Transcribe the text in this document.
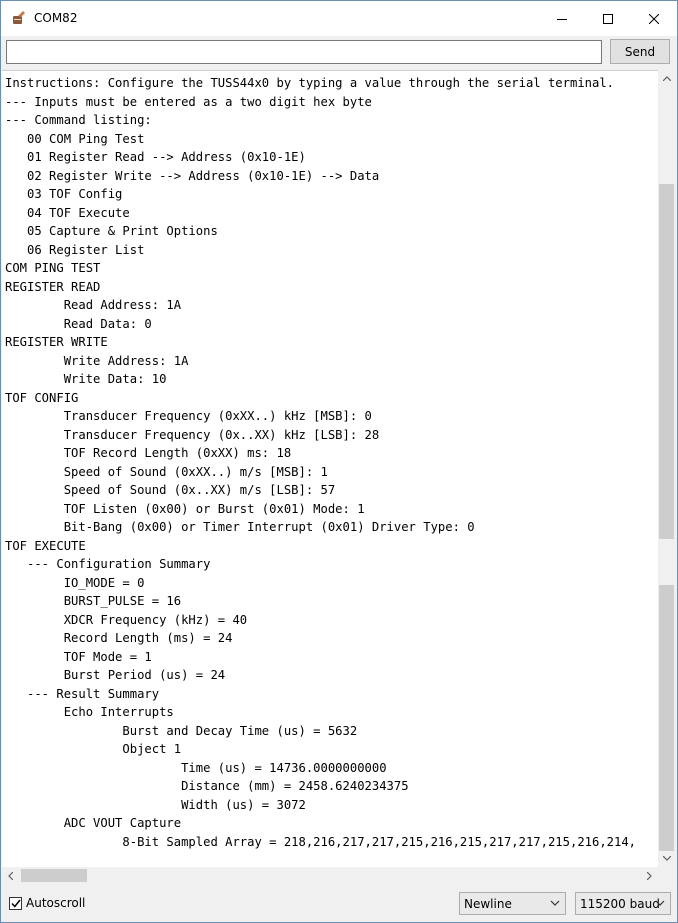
COM82
Send
Instructions: Configure the TUSS44x0 by typing a value through the serial terminal.
--- Inputs must be entered as a two digit hex byte
--- Command listing:
00 COM Ping Test
01 Register Read --> Address (0x10-1E)
02 Register Write --> Address (0x10-1E) --> Data
03 TOF Config
04 TOF Execute
05 Capture & Print Options
06 Register List
COM PING TEST
REGISTER READ
Read Address: 1A
Read Data: 0
REGISTER WRITE
Write Address: 1A
Write Data: 10
TOF CONFIG
Transducer Frequency (0xXX..) kHz [MSB]: 0
Transducer Frequency (0x..XX) kHz [LSB]: 28
TOF Record Length (0xXX) ms: 18
Speed of Sound (0xXX..) m/s [MSB]: 1
Speed of Sound (0x..XX) m/s [LSB]: 57
TOF Listen (0x00) or Burst (0x01) Mode: 1
Bit-Bang (0x00) or Timer Interrupt (0x01) Driver Type: 0
TOF EXECUTE
--- Configuration Summary
IO_MODE = 0
BURST_PULSE = 16
XDCR Frequency (kHz) = 40
Record Length (ms) = 24
TOF Mode = 1
Burst Period (us) = 24
--- Result Summary
Echo Interrupts
Burst and Decay Time (us) = 5632
Object 1
Time (us) = 14736.0000000000
Distance (mm) = 2458.6240234375
Width (us) = 3072
ADC VOUT Capture
8-Bit Sampled Array = 218,216,217,217,215,216,215,217,217,215,216,214,
Autoscroll	Newline	115200 baud
